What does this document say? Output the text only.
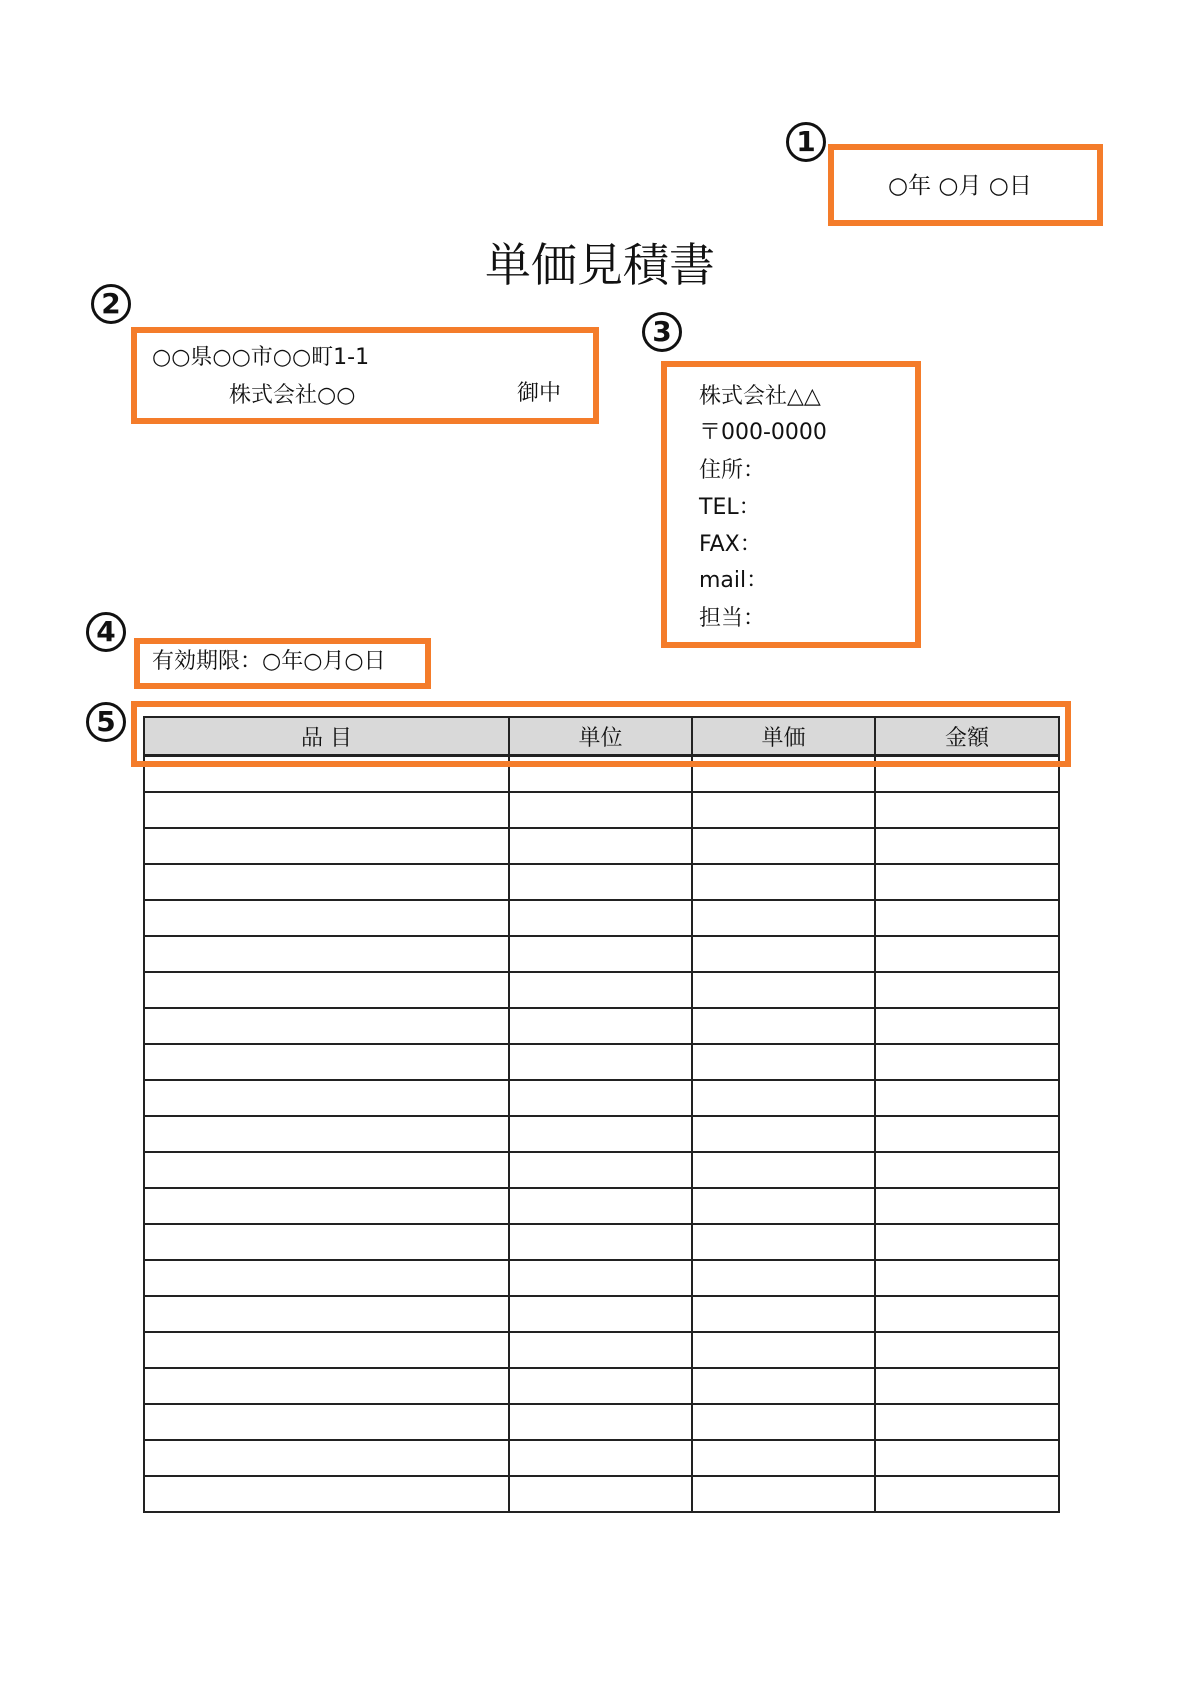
1
○年 ○月 ○日
単価見積書
2
○○県○○市○○町1-1
株式会社○○	御中
3
株式会社△△
〒000-0000
住所：
TEL：
FAX：
mail：
担当：
4
有効期限：○年○月○日
5	品 目	単位	単価	金額
